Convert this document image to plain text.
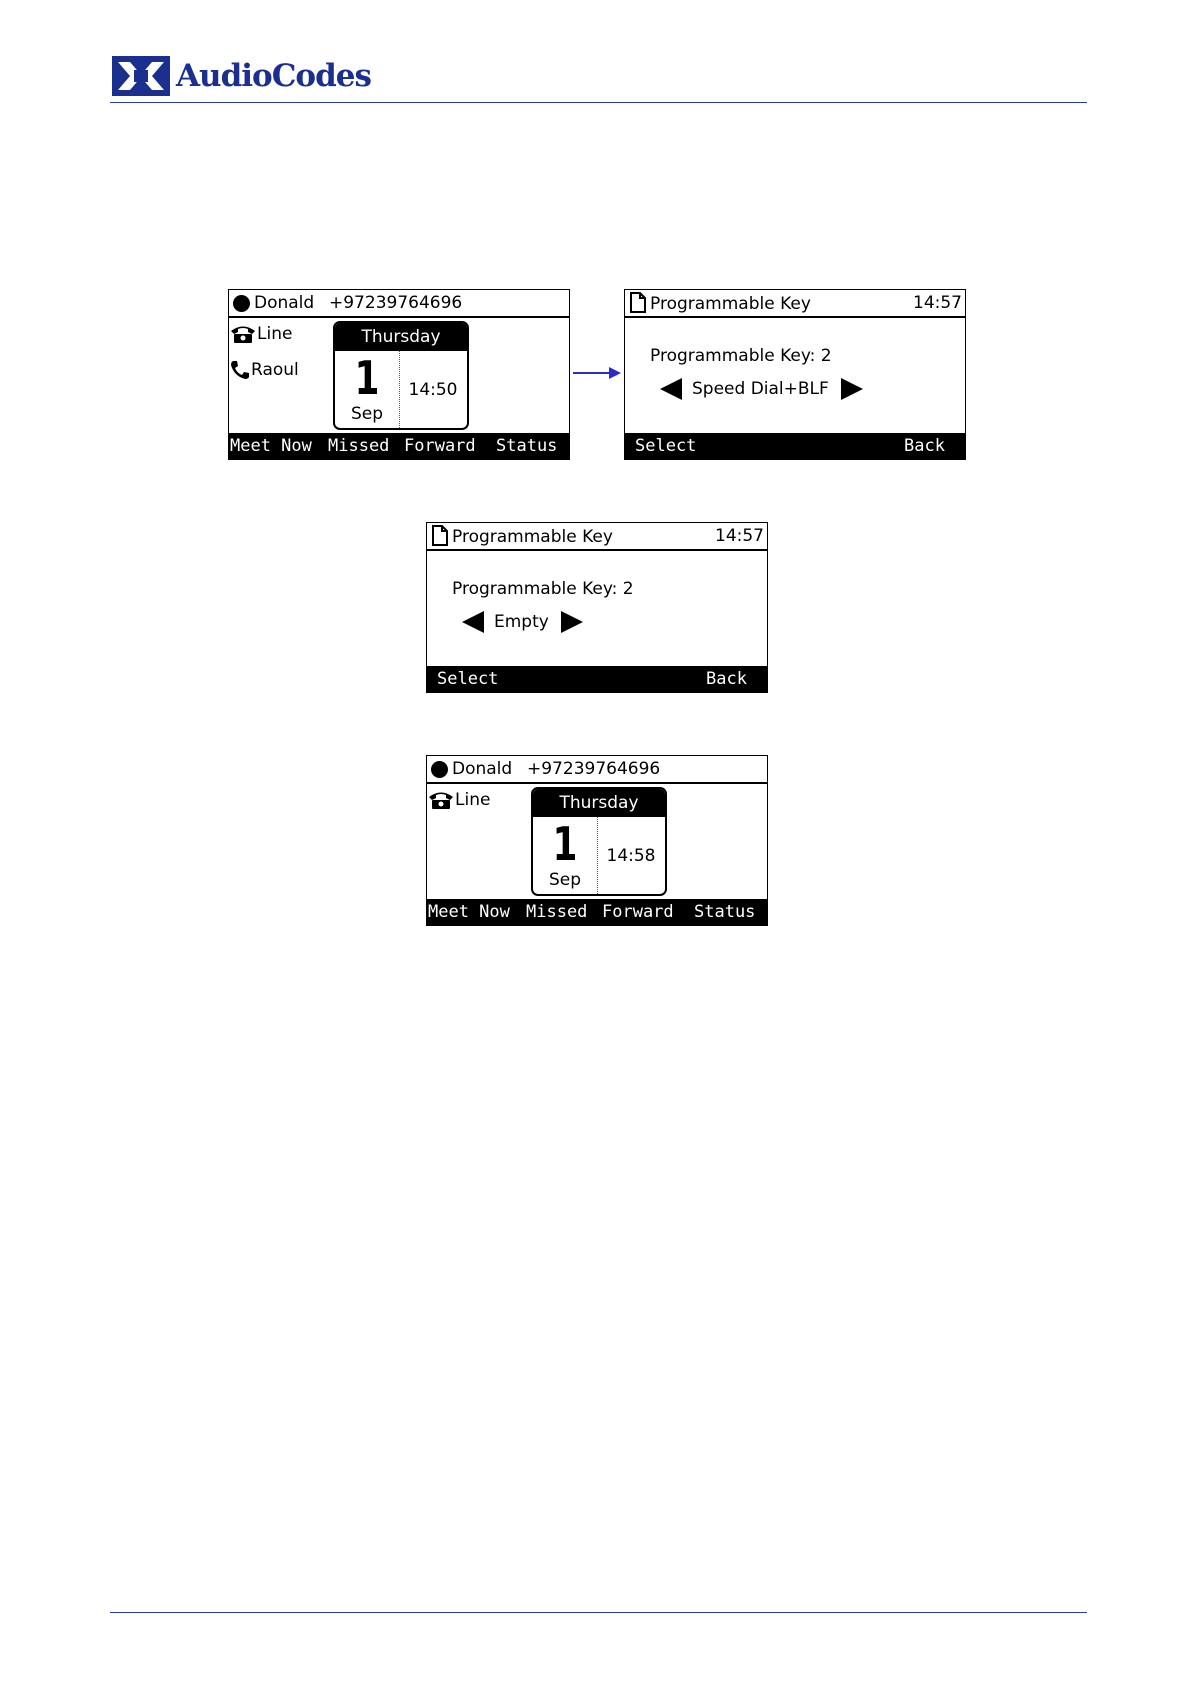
AudioCodes
Donald +97239764696
Line
Raoul
Thursday
1
Sep
14:50
Meet Now Missed Forward Status
Programmable Key	14:57
Programmable Key: 2
Speed Dial+BLF
Select	Back
Programmable Key	14:57
Programmable Key: 2
Empty
Select	Back
Donald +97239764696
Line	Thursday
1
Sep
14:58
Meet Now Missed Forward Status
